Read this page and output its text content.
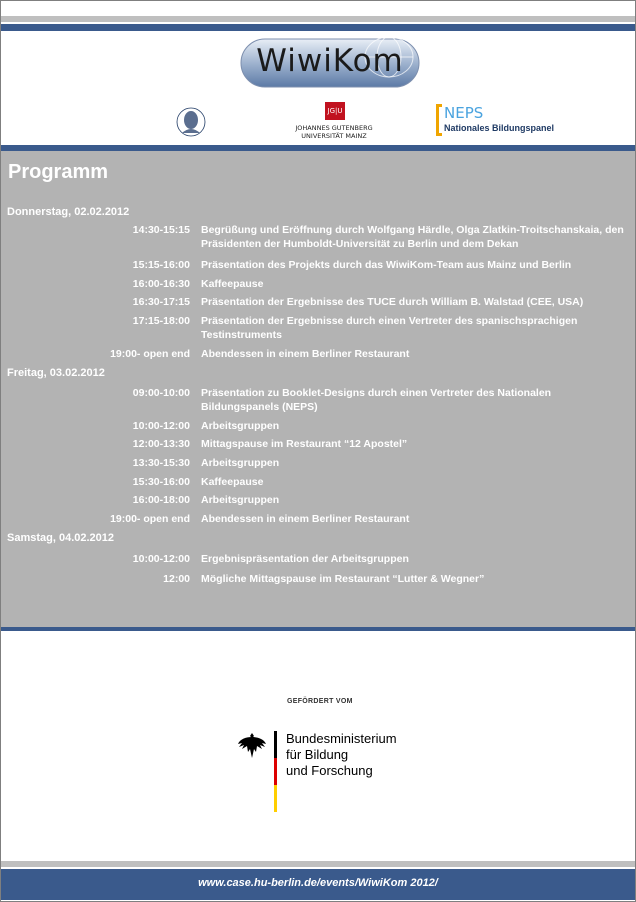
WiwiKom
JG|U
JOHANNES GUTENBERG
UNIVERSITÄT MAINZ
NEPS
Nationales Bildungspanel
Programm
Donnerstag, 02.02.2012
14:30-15:15 Begrüßung und Eröffnung durch Wolfgang Härdle, Olga Zlatkin-Troitschanskaia, den Präsidenten der Humboldt-Universität zu Berlin und dem Dekan
15:15-16:00 Präsentation des Projekts durch das WiwiKom-Team aus Mainz und Berlin
16:00-16:30 Kaffeepause
16:30-17:15 Präsentation der Ergebnisse des TUCE durch William B. Walstad (CEE, USA)
17:15-18:00 Präsentation der Ergebnisse durch einen Vertreter des spanischsprachigen Testinstruments
19:00- open end Abendessen in einem Berliner Restaurant
Freitag, 03.02.2012
09:00-10:00 Präsentation zu Booklet-Designs durch einen Vertreter des Nationalen Bildungspanels (NEPS)
10:00-12:00 Arbeitsgruppen
12:00-13:30 Mittagspause im Restaurant “12 Apostel”
13:30-15:30 Arbeitsgruppen
15:30-16:00 Kaffeepause
16:00-18:00 Arbeitsgruppen
19:00- open end Abendessen in einem Berliner Restaurant
Samstag, 04.02.2012
10:00-12:00 Ergebnispräsentation der Arbeitsgruppen
12:00 Mögliche Mittagspause im Restaurant “Lutter & Wegner”
GEFÖRDERT VOM
Bundesministerium
für Bildung
und Forschung
www.case.hu-berlin.de/events/WiwiKom 2012/
